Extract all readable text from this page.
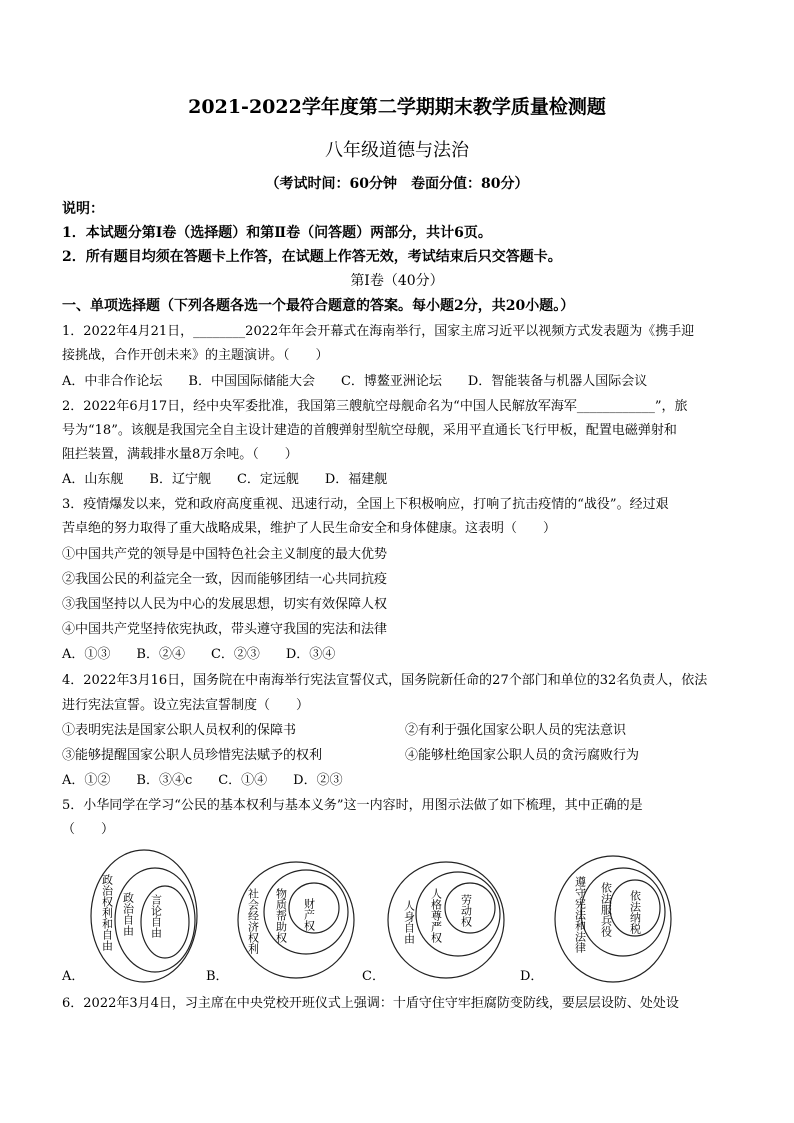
2021-2022学年度第二学期期末教学质量检测题
八年级道德与法治
（考试时间：60分钟　卷面分值：80分）
说明：
1．本试题分第Ⅰ卷（选择题）和第Ⅱ卷（问答题）两部分，共计6页。
2．所有题目均须在答题卡上作答，在试题上作答无效，考试结束后只交答题卡。
第Ⅰ卷（40分）
一、单项选择题（下列各题各选一个最符合题意的答案。每小题2分，共20小题。）
1．2022年4月21日，________2022年年会开幕式在海南举行，国家主席习近平以视频方式发表题为《携手迎
接挑战，合作开创未来》的主题演讲。（　　）
A．中非合作论坛　　B．中国国际储能大会　　C．博鳌亚洲论坛　　D．智能装备与机器人国际会议
2．2022年6月17日，经中央军委批准，我国第三艘航空母舰命名为“中国人民解放军海军____________”，旅
号为“18”。该舰是我国完全自主设计建造的首艘弹射型航空母舰，采用平直通长飞行甲板，配置电磁弹射和
阻拦装置，满载排水量8万余吨。（　　）
A．山东舰　　B．辽宁舰　　C．定远舰　　D．福建舰
3．疫情爆发以来，党和政府高度重视、迅速行动，全国上下积极响应，打响了抗击疫情的“战役”。经过艰
苦卓绝的努力取得了重大战略成果，维护了人民生命安全和身体健康。这表明（　　）
①中国共产党的领导是中国特色社会主义制度的最大优势
②我国公民的利益完全一致，因而能够团结一心共同抗疫
③我国坚持以人民为中心的发展思想，切实有效保障人权
④中国共产党坚持依宪执政，带头遵守我国的宪法和法律
A．①③　　B．②④　　C．②③　　D．③④
4．2022年3月16日，国务院在中南海举行宪法宣誓仪式，国务院新任命的27个部门和单位的32名负责人，依法
进行宪法宣誓。设立宪法宣誓制度（　　）
①表明宪法是国家公职人员权利的保障书	②有利于强化国家公职人员的宪法意识
③能够提醒国家公职人员珍惜宪法赋予的权利	④能够杜绝国家公职人员的贪污腐败行为
A．①②　　B．③④c　　C．①④　　D．②③
5．小华同学在学习“公民的基本权利与基本义务”这一内容时，用图示法做了如下梳理，其中正确的是
（　　）
政治权利和自由 政治自由 言论自由
A．
社会经济权利 物质帮助权 财产权
B．
人身自由 人格尊严权 劳动权
C．
遵守宪法和法律 依法服兵役 依法纳税
D．
6．2022年3月4日，习主席在中央党校开班仪式上强调：十盾守住守牢拒腐防变防线，要层层设防、处处设
